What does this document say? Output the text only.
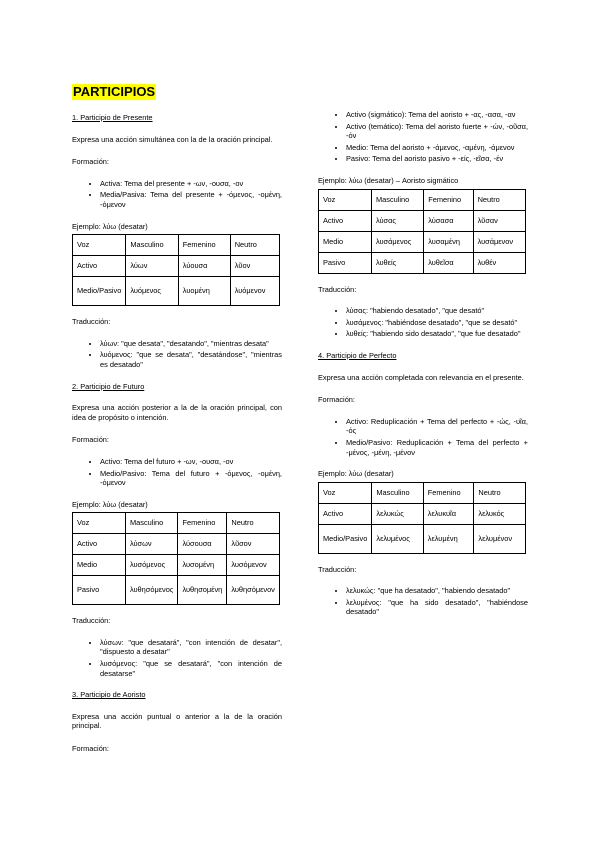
PARTICIPIOS
1. Participio de Presente

Expresa una acción simultánea con la de la oración principal.

Formación:
• Activa: Tema del presente + -ων, -ουσα, -ον
• Media/Pasiva: Tema del presente + -όμενος, -ομένη, -όμενον
Ejemplo: λύω (desatar)
Voz	Masculino	Femenino	Neutro
Activo	λύων	λύουσα	λῦον
Medio/Pasivo	λυόμενος	λυομένη	λυόμενον
Traducción:
• λύων: "que desata", "desatando", "mientras desata"
• λυόμενος: "que se desata", "desatándose", "mientras es desatado"
2. Participio de Futuro

Expresa una acción posterior a la de la oración principal, con idea de propósito o intención.

Formación:
• Activo: Tema del futuro + -ων, -ουσα, -ον
• Medio/Pasivo: Tema del futuro + -όμενος, -ομένη, -όμενον
Ejemplo: λύω (desatar)
Voz	Masculino	Femenino	Neutro
Activo	λύσων	λύσουσα	λῦσον
Medio	λυσόμενος	λυσομένη	λυσόμενον
Pasivo	λυθησόμενος	λυθησομένη	λυθησόμενον
Traducción:
• λύσων: "que desatará", "con intención de desatar", "dispuesto a desatar"
• λυσόμενος: "que se desatará", "con intención de desatarse"
3. Participio de Aoristo

Expresa una acción puntual o anterior a la de la oración principal.

Formación:
• Activo (sigmático): Tema del aoristo + -ας, -ασα, -αν
• Activo (temático): Tema del aoristo fuerte + -ών, -οῦσα, -όν
• Medio: Tema del aoristo + -άμενος, -αμένη, -άμενον
• Pasivo: Tema del aoristo pasivo + -είς, -εῖσα, -έν
Ejemplo: λύω (desatar) – Aoristo sigmático
Voz	Masculino	Femenino	Neutro
Activo	λύσας	λύσασα	λῦσαν
Medio	λυσάμενος	λυσαμένη	λυσάμενον
Pasivo	λυθείς	λυθεῖσα	λυθέν
Traducción:
• λύσας: "habiendo desatado", "que desató"
• λυσάμενος: "habiéndose desatado", "que se desató"
• λυθείς: "habiendo sido desatado", "que fue desatado"
4. Participio de Perfecto

Expresa una acción completada con relevancia en el presente.

Formación:
• Activo: Reduplicación + Tema del perfecto + -ώς, -υῖα, -ός
• Medio/Pasivo: Reduplicación + Tema del perfecto + -μένος, -μένη, -μένον
Ejemplo: λύω (desatar)
Voz	Masculino	Femenino	Neutro
Activo	λελυκώς	λελυκυῖα	λελυκός
Medio/Pasivo	λελυμένος	λελυμένη	λελυμένον
Traducción:
• λελυκώς: "que ha desatado", "habiendo desatado"
• λελυμένος: "que ha sido desatado", "habiéndose desatado"
